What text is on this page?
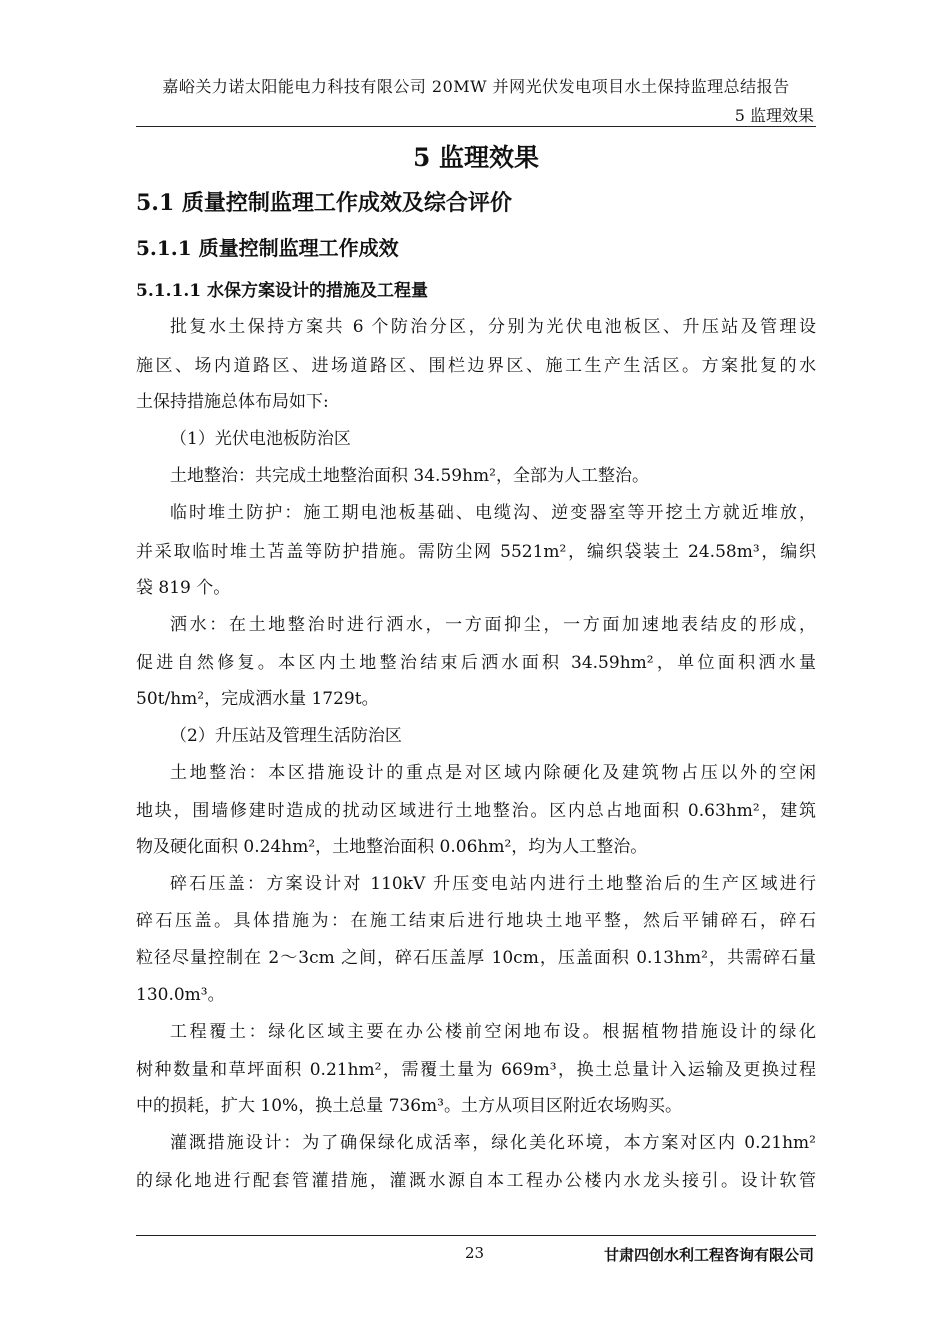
嘉峪关力诺太阳能电力科技有限公司 20MW 并网光伏发电项目水土保持监理总结报告
5 监理效果
5 监理效果
5.1 质量控制监理工作成效及综合评价
5.1.1 质量控制监理工作成效
5.1.1.1 水保方案设计的措施及工程量
批复水土保持方案共 6 个防治分区，分别为光伏电池板区、升压站及管理设
施区、场内道路区、进场道路区、围栏边界区、施工生产生活区。方案批复的水
土保持措施总体布局如下:
（1）光伏电池板防治区
土地整治：共完成土地整治面积 34.59hm²，全部为人工整治。
临时堆土防护：施工期电池板基础、电缆沟、逆变器室等开挖土方就近堆放，
并采取临时堆土苫盖等防护措施。需防尘网 5521m²，编织袋装土 24.58m³，编织
袋 819 个。
洒水：在土地整治时进行洒水，一方面抑尘，一方面加速地表结皮的形成，
促进自然修复。本区内土地整治结束后洒水面积 34.59hm²，单位面积洒水量
50t/hm²，完成洒水量 1729t。
（2）升压站及管理生活防治区
土地整治：本区措施设计的重点是对区域内除硬化及建筑物占压以外的空闲
地块，围墙修建时造成的扰动区域进行土地整治。区内总占地面积 0.63hm²，建筑
物及硬化面积 0.24hm²，土地整治面积 0.06hm²，均为人工整治。
碎石压盖：方案设计对 110kV 升压变电站内进行土地整治后的生产区域进行
碎石压盖。具体措施为：在施工结束后进行地块土地平整，然后平铺碎石，碎石
粒径尽量控制在 2～3cm 之间，碎石压盖厚 10cm，压盖面积 0.13hm²，共需碎石量
130.0m³。
工程覆土：绿化区域主要在办公楼前空闲地布设。根据植物措施设计的绿化
树种数量和草坪面积 0.21hm²，需覆土量为 669m³，换土总量计入运输及更换过程
中的损耗，扩大 10%，换土总量 736m³。土方从项目区附近农场购买。
灌溉措施设计：为了确保绿化成活率，绿化美化环境，本方案对区内 0.21hm²
的绿化地进行配套管灌措施，灌溉水源自本工程办公楼内水龙头接引。设计软管
23	甘肃四创水利工程咨询有限公司
